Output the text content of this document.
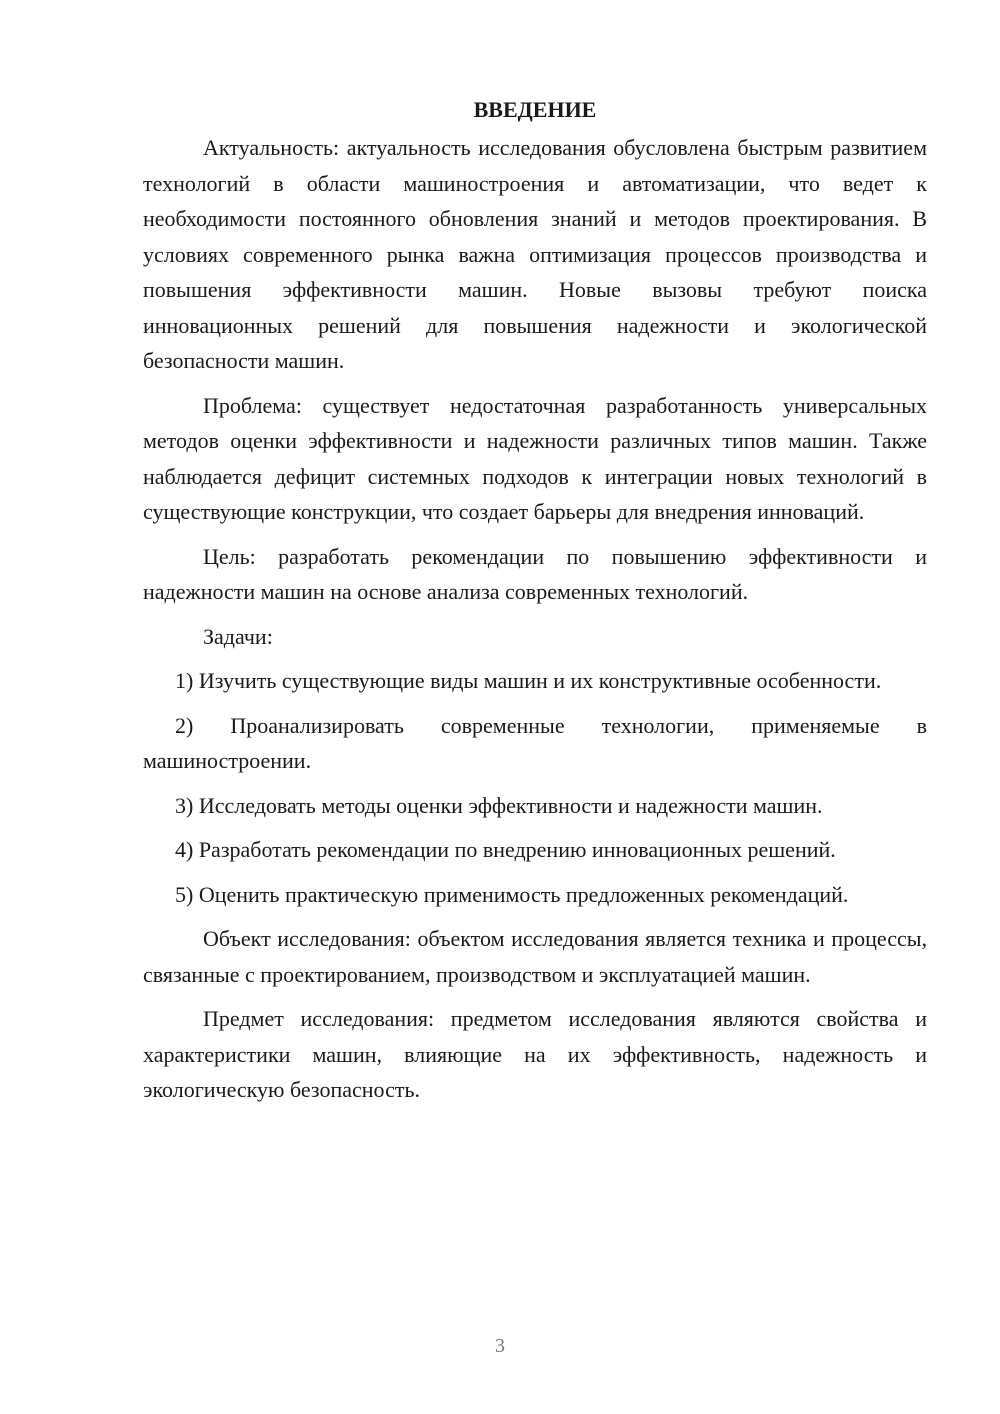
ВВЕДЕНИЕ

Актуальность: актуальность исследования обусловлена быстрым развитием технологий в области машиностроения и автоматизации, что ведет к необходимости постоянного обновления знаний и методов проектирования. В условиях современного рынка важна оптимизация процессов производства и повышения эффективности машин. Новые вызовы требуют поиска инновационных решений для повышения надежности и экологической безопасности машин.

Проблема: существует недостаточная разработанность универсальных методов оценки эффективности и надежности различных типов машин. Также наблюдается дефицит системных подходов к интеграции новых технологий в существующие конструкции, что создает барьеры для внедрения инноваций.

Цель: разработать рекомендации по повышению эффективности и надежности машин на основе анализа современных технологий.

Задачи:

1) Изучить существующие виды машин и их конструктивные особенности.

2) Проанализировать современные технологии, применяемые в машиностроении.

3) Исследовать методы оценки эффективности и надежности машин.

4) Разработать рекомендации по внедрению инновационных решений.

5) Оценить практическую применимость предложенных рекомендаций.

Объект исследования: объектом исследования является техника и процессы, связанные с проектированием, производством и эксплуатацией машин.

Предмет исследования: предметом исследования являются свойства и характеристики машин, влияющие на их эффективность, надежность и экологическую безопасность.

3
